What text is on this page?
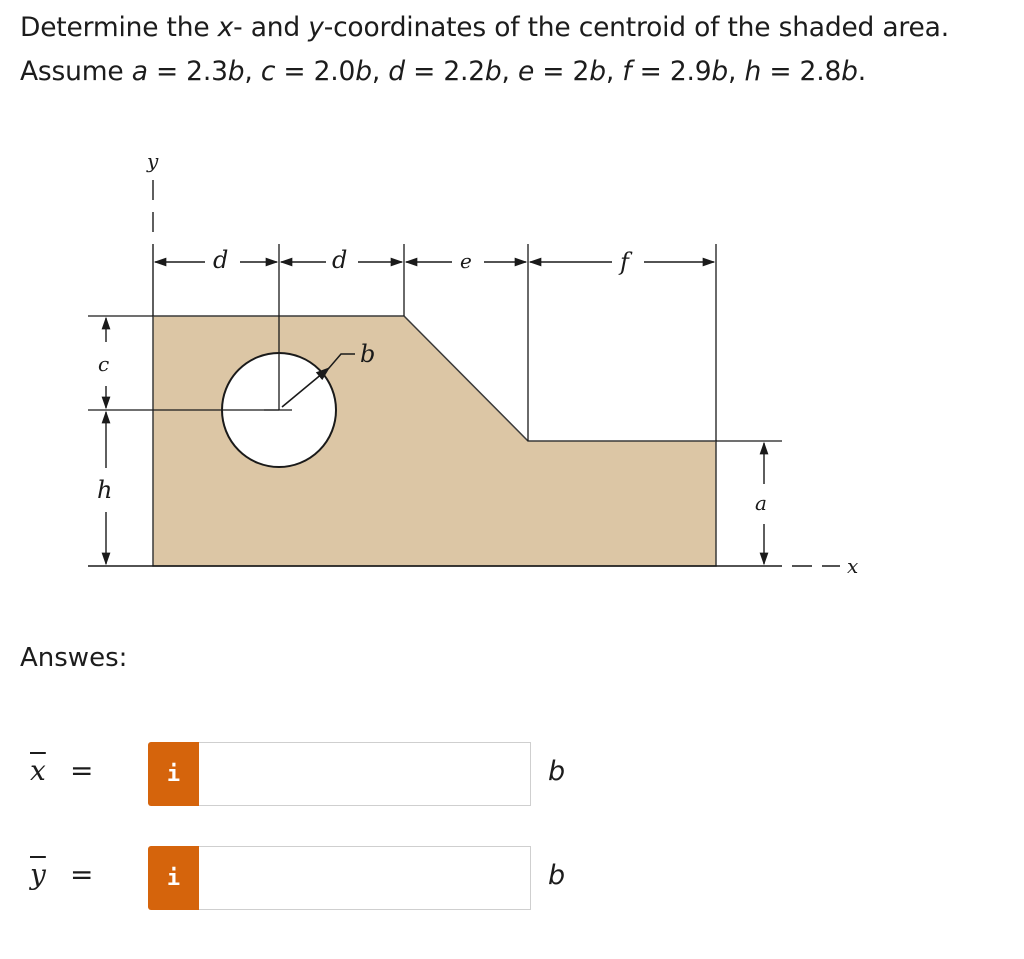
Determine the x- and y-coordinates of the centroid of the shaded area.
Assume a = 2.3b, c = 2.0b, d = 2.2b, e = 2b, f = 2.9b, h = 2.8b.
y
x
d	d	e	f
b
c
h	a
Answes:
$\overline{x}$ =	i	b
$\overline{y}$ =	i	b
